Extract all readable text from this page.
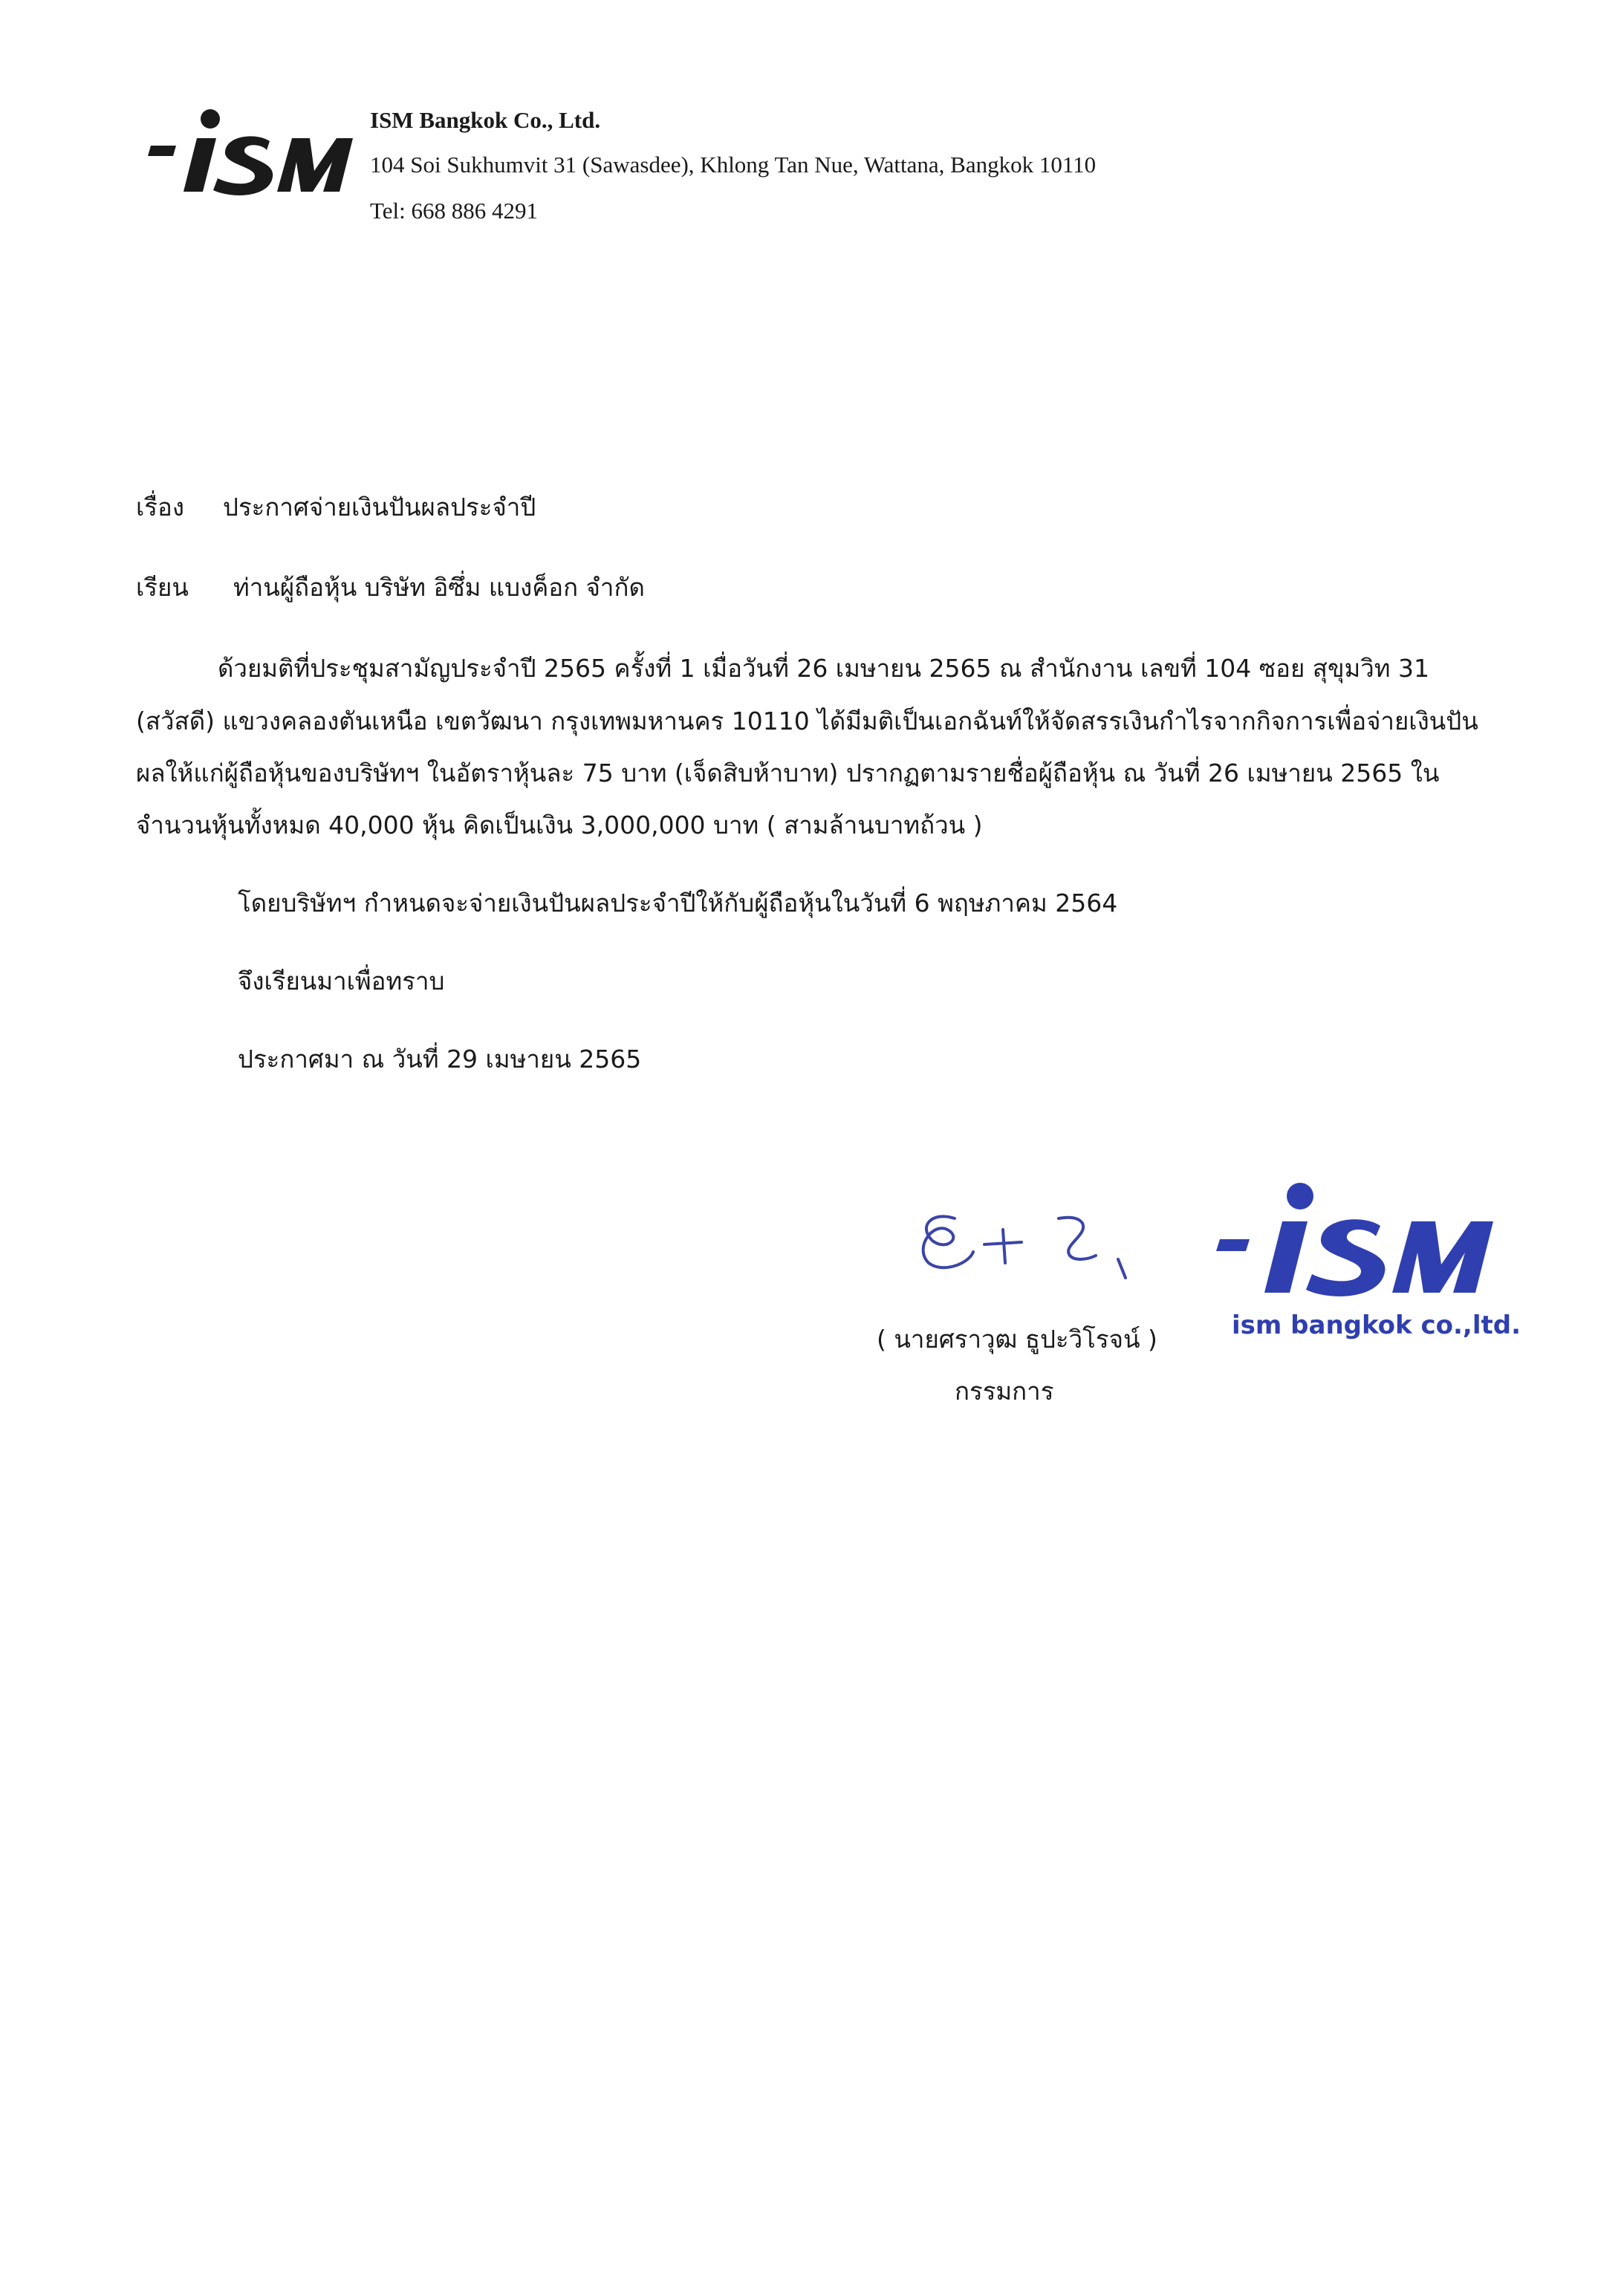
ISM Bangkok Co., Ltd.
104 Soi Sukhumvit 31 (Sawasdee), Khlong Tan Nue, Wattana, Bangkok 10110
Tel: 668 886 4291
เรื่อง ประกาศจ่ายเงินปันผลประจำปี
เรียน ท่านผู้ถือหุ้น บริษัท อิซึ่ม แบงค็อก จำกัด
ด้วยมติที่ประชุมสามัญประจำปี 2565 ครั้งที่ 1 เมื่อวันที่ 26 เมษายน 2565 ณ สำนักงาน เลขที่ 104 ซอย สุขุมวิท 31
(สวัสดี) แขวงคลองตันเหนือ เขตวัฒนา กรุงเทพมหานคร 10110 ได้มีมติเป็นเอกฉันท์ให้จัดสรรเงินกำไรจากกิจการเพื่อจ่ายเงินปัน
ผลให้แก่ผู้ถือหุ้นของบริษัทฯ ในอัตราหุ้นละ 75 บาท (เจ็ดสิบห้าบาท) ปรากฏตามรายชื่อผู้ถือหุ้น ณ วันที่ 26 เมษายน 2565 ใน
จำนวนหุ้นทั้งหมด 40,000 หุ้น คิดเป็นเงิน 3,000,000 บาท ( สามล้านบาทถ้วน )
โดยบริษัทฯ กำหนดจะจ่ายเงินปันผลประจำปีให้กับผู้ถือหุ้นในวันที่ 6 พฤษภาคม 2564
จึงเรียนมาเพื่อทราบ
ประกาศมา ณ วันที่ 29 เมษายน 2565
( นายศราวุฒ ธูปะวิโรจน์ )
กรรมการ
ism bangkok co.,ltd.
